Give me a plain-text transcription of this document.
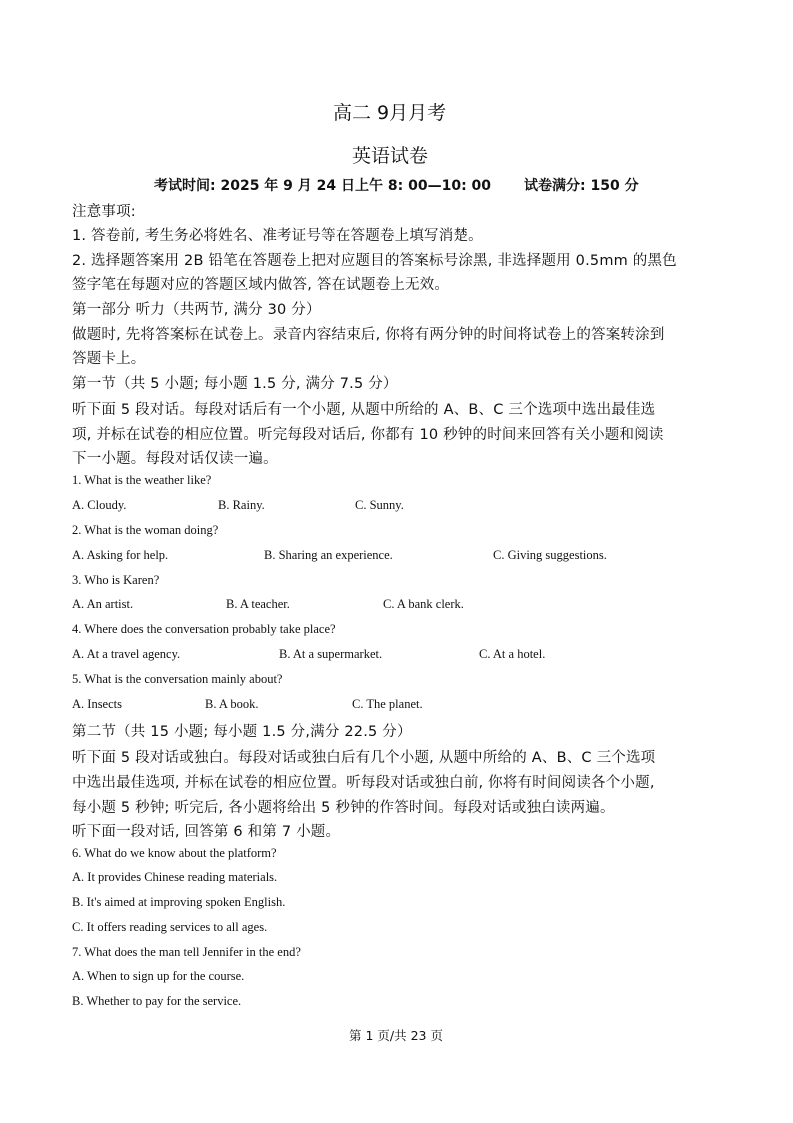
高二 9月月考
英语试卷
考试时间: 2025 年 9 月 24 日上午 8: 00—10: 00 试卷满分: 150 分
注意事项:
1. 答卷前, 考生务必将姓名、准考证号等在答题卷上填写消楚。
2. 选择题答案用 2B 铅笔在答题卷上把对应题目的答案标号涂黑, 非选择题用 0.5mm 的黑色
签字笔在每题对应的答题区域内做答, 答在试题卷上无效。
第一部分 听力（共两节, 满分 30 分）
做题时, 先将答案标在试卷上。录音内容结束后, 你将有两分钟的时间将试卷上的答案转涂到
答题卡上。
第一节（共 5 小题; 每小题 1.5 分, 满分 7.5 分）
听下面 5 段对话。每段对话后有一个小题, 从题中所给的 A、B、C 三个选项中选出最佳选
项, 并标在试卷的相应位置。听完每段对话后, 你都有 10 秒钟的时间来回答有关小题和阅读
下一小题。每段对话仅读一遍。
1. What is the weather like?
A. Cloudy.	B. Rainy.	C. Sunny.
2. What is the woman doing?
A. Asking for help.	B. Sharing an experience.	C. Giving suggestions.
3. Who is Karen?
A. An artist.	B. A teacher.	C. A bank clerk.
4. Where does the conversation probably take place?
A. At a travel agency.	B. At a supermarket.	C. At a hotel.
5. What is the conversation mainly about?
A. Insects	B. A book.	C. The planet.
第二节（共 15 小题; 每小题 1.5 分,满分 22.5 分）
听下面 5 段对话或独白。每段对话或独白后有几个小题, 从题中所给的 A、B、C 三个选项
中选出最佳选项, 并标在试卷的相应位置。听每段对话或独白前, 你将有时间阅读各个小题,
每小题 5 秒钟; 听完后, 各小题将给出 5 秒钟的作答时间。每段对话或独白读两遍。
听下面一段对话, 回答第 6 和第 7 小题。
6. What do we know about the platform?
A. It provides Chinese reading materials.
B. It's aimed at improving spoken English.
C. It offers reading services to all ages.
7. What does the man tell Jennifer in the end?
A. When to sign up for the course.
B. Whether to pay for the service.
第 1 页/共 23 页
